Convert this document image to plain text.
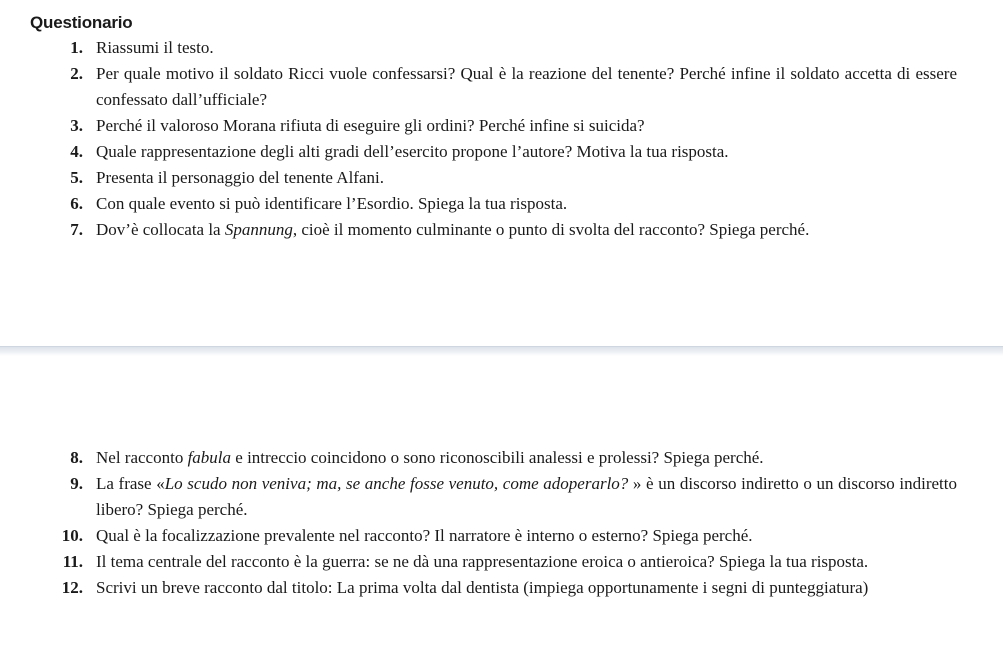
Questionario
1. Riassumi il testo.
2. Per quale motivo il soldato Ricci vuole confessarsi? Qual è la reazione del tenente? Perché infine il soldato accetta di essere confessato dall’ufficiale?
3. Perché il valoroso Morana rifiuta di eseguire gli ordini? Perché infine si suicida?
4. Quale rappresentazione degli alti gradi dell’esercito propone l’autore? Motiva la tua risposta.
5. Presenta il personaggio del tenente Alfani.
6. Con quale evento si può identificare l’Esordio. Spiega la tua risposta.
7. Dov’è collocata la Spannung, cioè il momento culminante o punto di svolta del racconto? Spiega perché.
8. Nel racconto fabula e intreccio coincidono o sono riconoscibili analessi e prolessi? Spiega perché.
9. La frase «Lo scudo non veniva; ma, se anche fosse venuto, come adoperarlo? » è un discorso indiretto o un discorso indiretto libero? Spiega perché.
10. Qual è la focalizzazione prevalente nel racconto? Il narratore è interno o esterno? Spiega perché.
11. Il tema centrale del racconto è la guerra: se ne dà una rappresentazione eroica o antieroica? Spiega la tua risposta.
12. Scrivi un breve racconto dal titolo: La prima volta dal dentista (impiega opportunamente i segni di punteggiatura)
